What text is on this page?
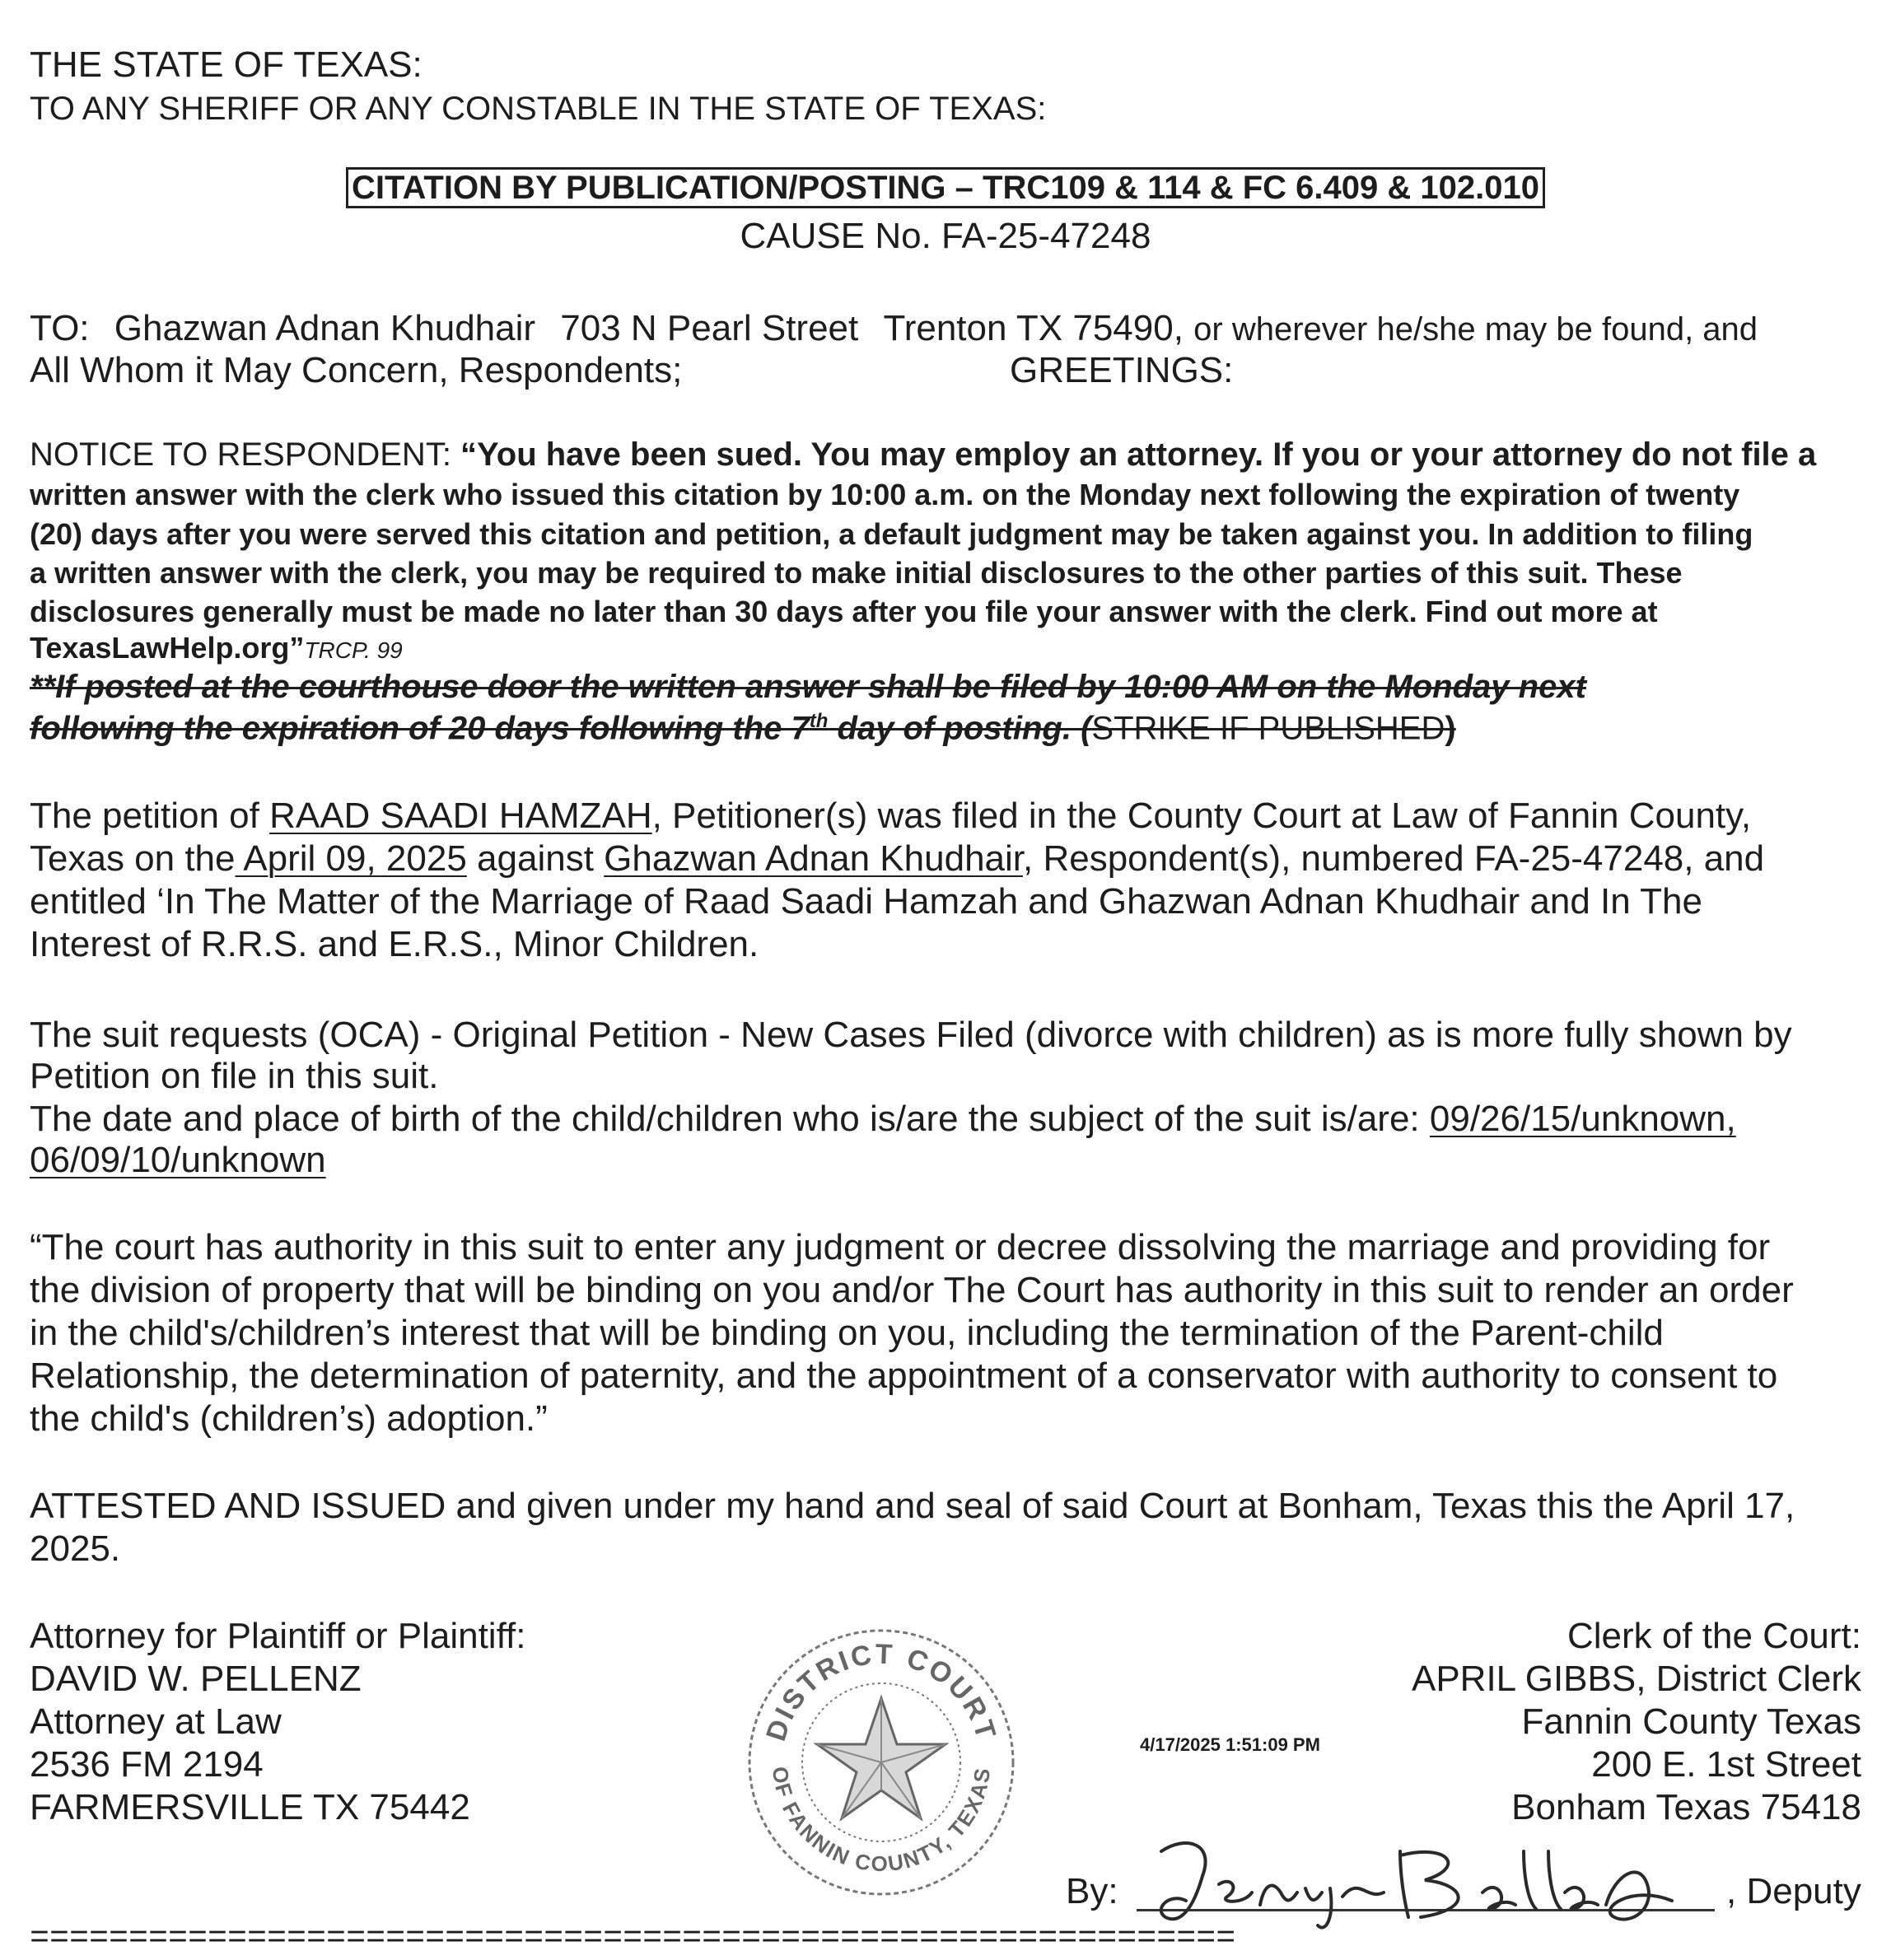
THE STATE OF TEXAS:
TO ANY SHERIFF OR ANY CONSTABLE IN THE STATE OF TEXAS:
CITATION BY PUBLICATION/POSTING – TRC109 & 114 & FC 6.409 & 102.010
CAUSE No. FA-25-47248
TO: Ghazwan Adnan Khudhair 703 N Pearl Street Trenton TX 75490, or wherever he/she may be found, and
All Whom it May Concern, Respondents;	GREETINGS:
NOTICE TO RESPONDENT: “You have been sued. You may employ an attorney. If you or your attorney do not file a
written answer with the clerk who issued this citation by 10:00 a.m. on the Monday next following the expiration of twenty
(20) days after you were served this citation and petition, a default judgment may be taken against you. In addition to filing
a written answer with the clerk, you may be required to make initial disclosures to the other parties of this suit. These
disclosures generally must be made no later than 30 days after you file your answer with the clerk. Find out more at
TexasLawHelp.org”TRCP. 99
**If posted at the courthouse door the written answer shall be filed by 10:00 AM on the Monday next
following the expiration of 20 days following the 7th day of posting. (STRIKE IF PUBLISHED)
The petition of RAAD SAADI HAMZAH, Petitioner(s) was filed in the County Court at Law of Fannin County,
Texas on the April 09, 2025 against Ghazwan Adnan Khudhair, Respondent(s), numbered FA-25-47248, and
entitled ‘In The Matter of the Marriage of Raad Saadi Hamzah and Ghazwan Adnan Khudhair and In The
Interest of R.R.S. and E.R.S., Minor Children.
The suit requests (OCA) - Original Petition - New Cases Filed (divorce with children) as is more fully shown by
Petition on file in this suit.
The date and place of birth of the child/children who is/are the subject of the suit is/are: 09/26/15/unknown,
06/09/10/unknown
“The court has authority in this suit to enter any judgment or decree dissolving the marriage and providing for
the division of property that will be binding on you and/or The Court has authority in this suit to render an order
in the child's/children’s interest that will be binding on you, including the termination of the Parent-child
Relationship, the determination of paternity, and the appointment of a conservator with authority to consent to
the child's (children’s) adoption.”
ATTESTED AND ISSUED and given under my hand and seal of said Court at Bonham, Texas this the April 17,
2025.
Attorney for Plaintiff or Plaintiff:
DAVID W. PELLENZ
Attorney at Law
2536 FM 2194
FARMERSVILLE TX 75442
DISTRICT COURT
OF FANNIN COUNTY, TEXAS
4/17/2025 1:51:09 PM
Clerk of the Court:
APRIL GIBBS, District Clerk
Fannin County Texas
200 E. 1st Street
Bonham Texas 75418
By:	, Deputy
=============================================================
